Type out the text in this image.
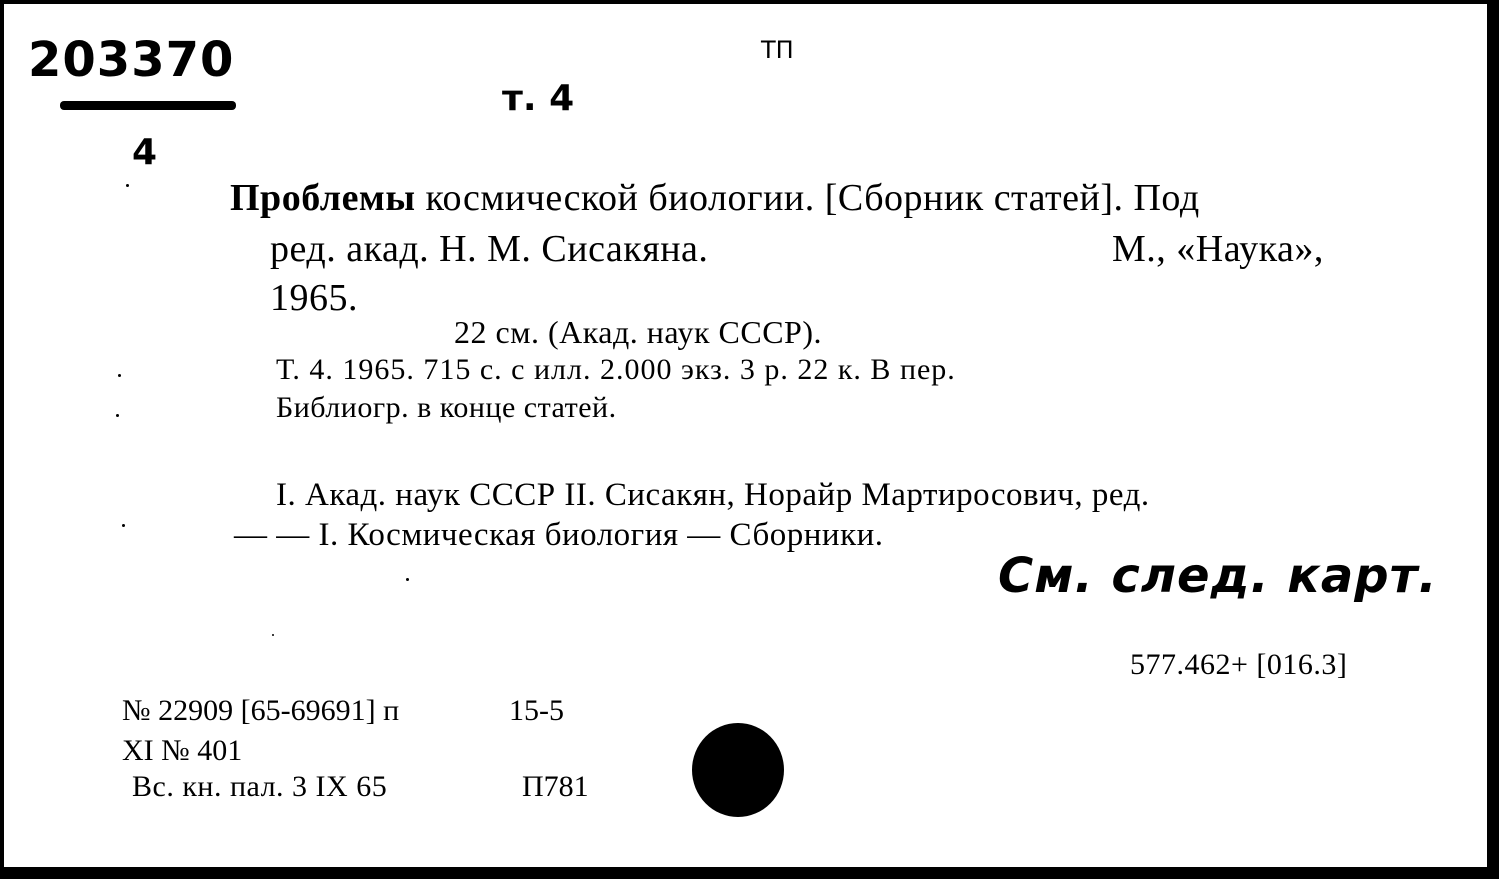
203370
4
т. 4
ТП
Проблемы космической биологии. [Сборник статей]. Под
ред. акад. Н. М. Сисакяна.	М., «Наука»,
1965.
22 см. (Акад. наук СССР).
Т. 4. 1965. 715 с. с илл. 2.000 экз. 3 р. 22 к. В пер.
Библиогр. в конце статей.
I. Акад. наук СССР II. Сисакян, Норайр Мартиросович, ред.
— — I. Космическая биология — Сборники.
См. след. карт.
577.462+ [016.3]
№ 22909 [65-69691] п	15-5
XI № 401
Вс. кн. пал. 3 IX 65	П781
